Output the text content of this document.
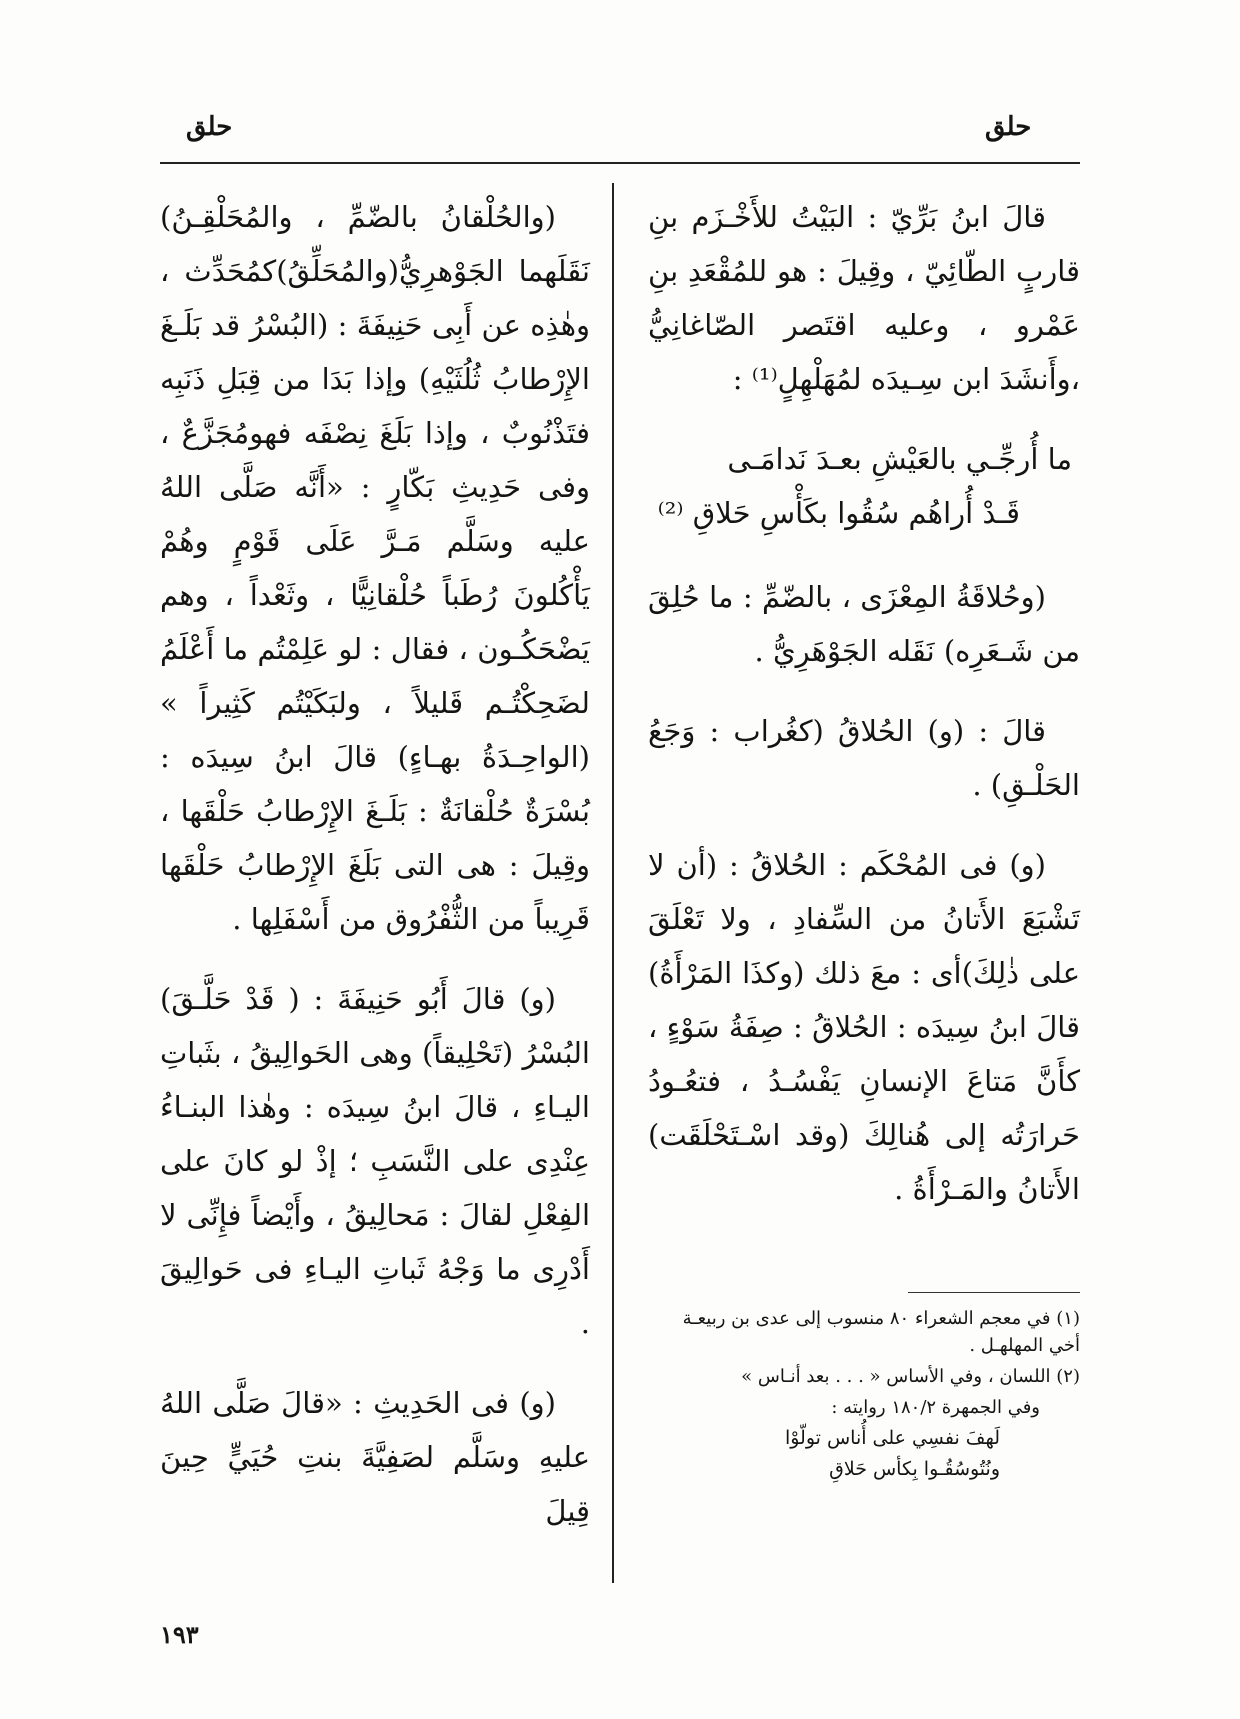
حلق
حلق

قالَ ابنُ بَرِّيّ : البَيْتُ للأَخْـزَم بنِ قاربٍ الطّائِيّ ، وقِيلَ : هو للمُقْعَدِ بنِ عَمْرو ، وعليه اقتَصر الصّاغانِيُّ ،وأَنشَدَ ابن سِـيدَه لمُهَلْهِلٍ⁽¹⁾ :

ما أُرجِّـي بالعَيْشِ بعـدَ نَدامَـى
قَـدْ أُراهُم سُقُوا بكَأْسِ حَلاقِ ⁽²⁾

(وحُلاقَةُ المِعْزَى ، بالضّمِّ : ما حُلِقَ من شَـعَرِه) نَقَله الجَوْهَرِيُّ .

قالَ : (و) الحُلاقُ (كغُراب : وَجَعُ الحَلْـقِ) .

(و) فى المُحْكَم : الحُلاقُ : (أن لا تَشْبَعَ الأَتانُ من السِّفادِ ، ولا تَعْلَقَ على ذٰلِكَ)أى : معَ ذلك (وكذَا المَرْأَةُ) قالَ ابنُ سِيدَه : الحُلاقُ : صِفَةُ سَوْءٍ ، كأَنَّ مَتاعَ الإنسانِ يَفْسُـدُ ، فتعُـودُ حَرارَتُه إلى هُنالِكَ (وقد اسْـتَحْلَقَت) الأَتانُ والمَـرْأَةُ .

(١) في معجم الشعراء ٨٠ منسوب إلى عدى بن ربيعـة أخي المهلهـل .
(٢) اللسان ، وفي الأساس « . . . بعد أنـاس »
وفي الجمهرة ١٨٠/٢ روايته :
لَهفَ نفسِي على أُناس تولّوْا
ونُتُوسُقُـوا بِكأس حَلاقِ

(والحُلْقانُ بالضّمِّ ، والمُحَلْقِـنُ) نَقَلَهما الجَوْهرِيُّ(والمُحَلِّقُ)كمُحَدِّث ، وهٰذِه عن أَبِى حَنِيفَةَ : (البُسْرُ قد بَلَـغَ الإِرْطابُ ثُلُثَيْهِ) وإذا بَدَا من قِبَلِ ذَنَبِه فتَذْنُوبٌ ، وإذا بَلَغَ نِصْفَه فهومُجَزَّعٌ ، وفى حَدِيثِ بَكّارٍ : «أَنَّه صَلَّى اللهُ عليه وسَلَّم مَـرَّ عَلَى قَوْمٍ وهُمْ يَأْكُلونَ رُطَباً حُلْقانِيًّا ، وثَعْداً ، وهم يَضْحَكُـون ، فقال : لو عَلِمْتُم ما أَعْلَمُ لضَحِكْتُـم قَليلاً ، ولبَكَيْتُم كَثِيراً » (الواحِـدَةُ بهـاءٍ) قالَ ابنُ سِيدَه : بُسْرَةٌ حُلْقانَةٌ : بَلَـغَ الإِرْطابُ حَلْقَها ، وقِيلَ : هى التى بَلَغَ الإِرْطابُ حَلْقَها قَرِيباً من الثُّفْرُوق من أَسْفَلِها .

(و) قالَ أَبُو حَنِيفَةَ : ( قَدْ حَلَّـقَ) البُسْرُ (تَحْلِيقاً) وهى الحَوالِيقُ ، بثَباتِ اليـاءِ ، قالَ ابنُ سِيدَه : وهٰذا البنـاءُ عِنْدِى على النَّسَبِ ؛ إذْ لو كانَ على الفِعْلِ لقالَ : مَحالِيقُ ، وأَيْضاً فإِنِّى لا أَدْرِى ما وَجْهُ ثَباتِ اليـاءِ فى حَوالِيقَ .

(و) فى الحَدِيثِ : «قالَ صَلَّى اللهُ عليهِ وسَلَّم لصَفِيَّةَ بنتِ حُيَيٍّ حِينَ قِيلَ

١٩٣
